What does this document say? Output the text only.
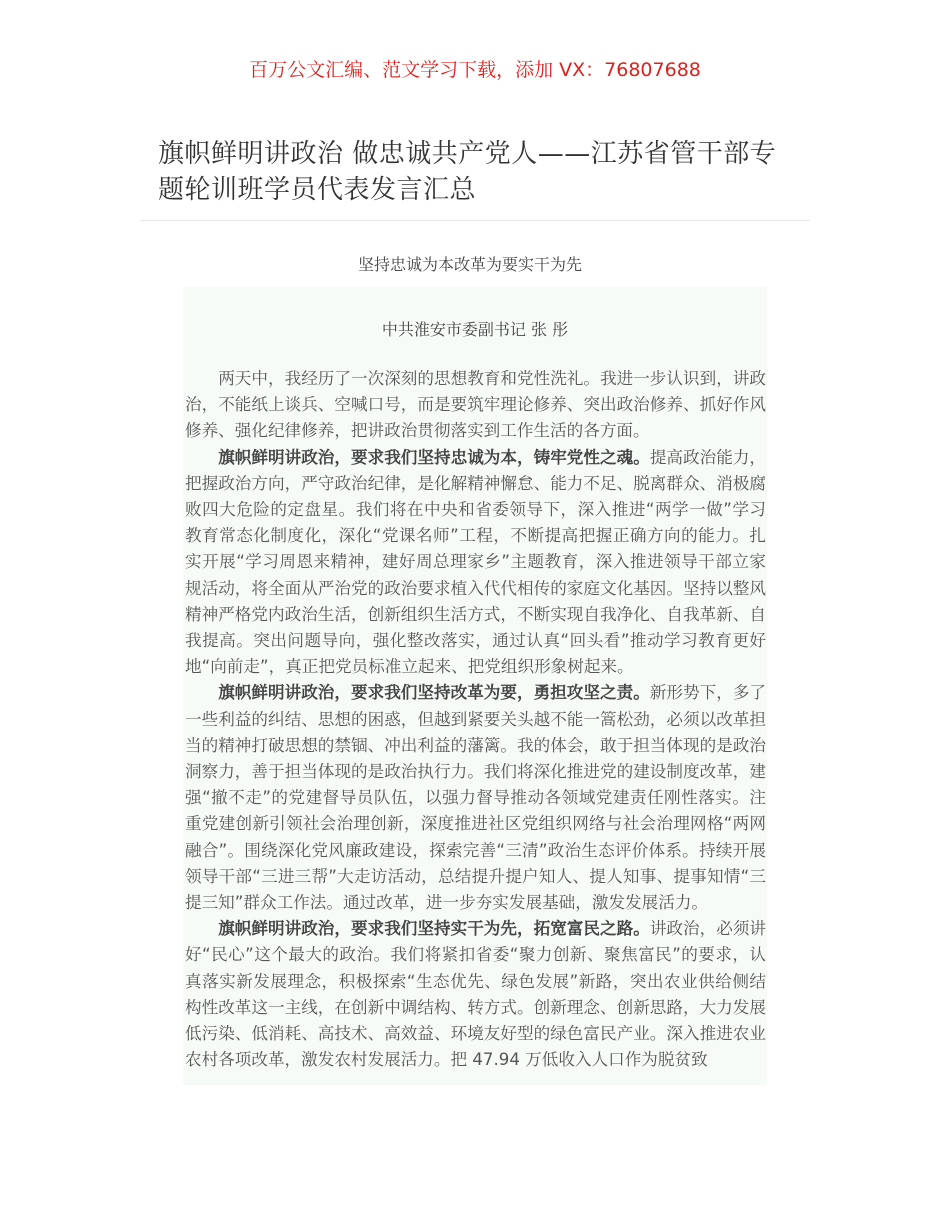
百万公文汇编、范文学习下载，添加 VX：76807688
旗帜鲜明讲政治 做忠诚共产党人——江苏省管干部专题轮训班学员代表发言汇总
坚持忠诚为本改革为要实干为先
中共淮安市委副书记 张 彤

两天中，我经历了一次深刻的思想教育和党性洗礼。我进一步认识到，讲政治，不能纸上谈兵、空喊口号，而是要筑牢理论修养、突出政治修养、抓好作风修养、强化纪律修养，把讲政治贯彻落实到工作生活的各方面。

旗帜鲜明讲政治，要求我们坚持忠诚为本，铸牢党性之魂。提高政治能力，把握政治方向，严守政治纪律，是化解精神懈怠、能力不足、脱离群众、消极腐败四大危险的定盘星。我们将在中央和省委领导下，深入推进“两学一做”学习教育常态化制度化，深化“党课名师”工程，不断提高把握正确方向的能力。扎实开展“学习周恩来精神，建好周总理家乡”主题教育，深入推进领导干部立家规活动，将全面从严治党的政治要求植入代代相传的家庭文化基因。坚持以整风精神严格党内政治生活，创新组织生活方式，不断实现自我净化、自我革新、自我提高。突出问题导向，强化整改落实，通过认真“回头看”推动学习教育更好地“向前走”，真正把党员标准立起来、把党组织形象树起来。

旗帜鲜明讲政治，要求我们坚持改革为要，勇担攻坚之责。新形势下，多了一些利益的纠结、思想的困惑，但越到紧要关头越不能一篙松劲，必须以改革担当的精神打破思想的禁锢、冲出利益的藩篱。我的体会，敢于担当体现的是政治洞察力，善于担当体现的是政治执行力。我们将深化推进党的建设制度改革，建强“撤不走”的党建督导员队伍，以强力督导推动各领域党建责任刚性落实。注重党建创新引领社会治理创新，深度推进社区党组织网络与社会治理网格“两网融合”。围绕深化党风廉政建设，探索完善“三清”政治生态评价体系。持续开展领导干部“三进三帮”大走访活动，总结提升提户知人、提人知事、提事知情“三提三知”群众工作法。通过改革，进一步夯实发展基础，激发发展活力。

旗帜鲜明讲政治，要求我们坚持实干为先，拓宽富民之路。讲政治，必须讲好“民心”这个最大的政治。我们将紧扣省委“聚力创新、聚焦富民”的要求，认真落实新发展理念，积极探索“生态优先、绿色发展”新路，突出农业供给侧结构性改革这一主线，在创新中调结构、转方式。创新理念、创新思路，大力发展低污染、低消耗、高技术、高效益、环境友好型的绿色富民产业。深入推进农业农村各项改革，激发农村发展活力。把 47.94 万低收入人口作为脱贫致
